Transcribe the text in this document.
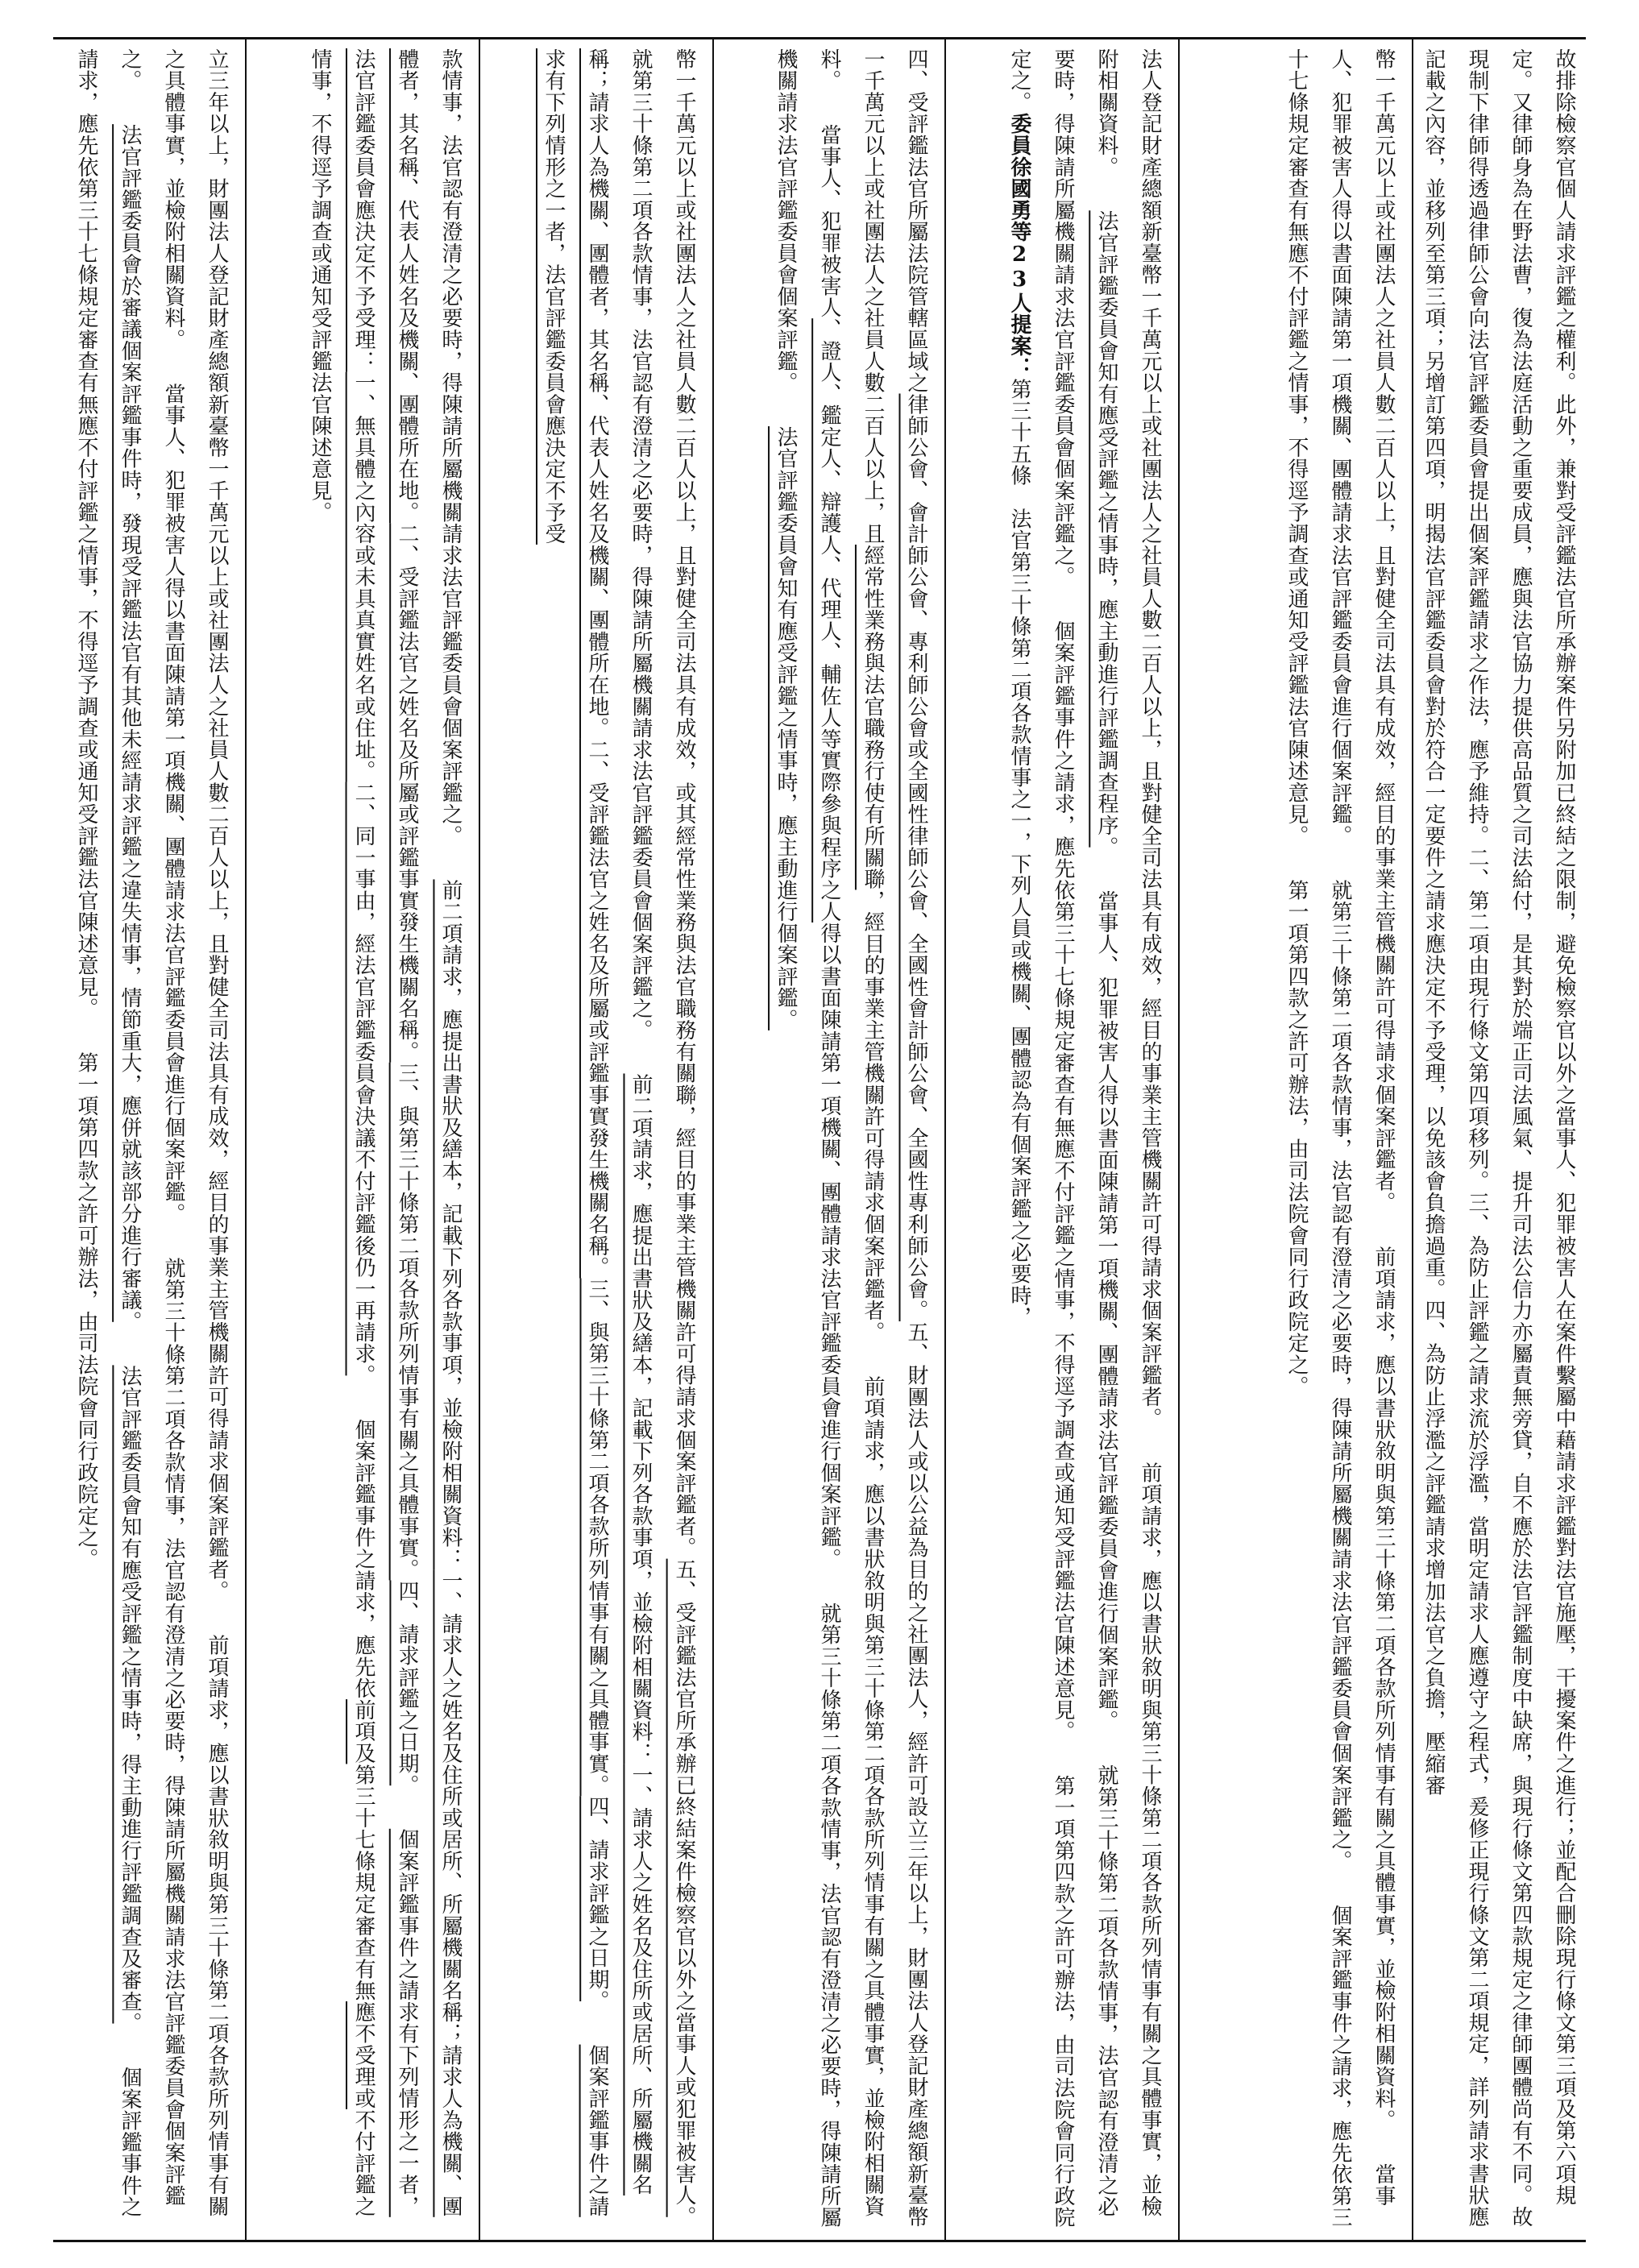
故排除檢察官個人請求評鑑之權利。此外，兼對受評鑑法官所承辦案件另附加已終結之限制，避免檢察官以外之當事人、犯罪被害人在案件繫屬中藉請求評鑑對法官施壓，干擾案件之進行；並配合刪除現行條文第三項及第六項規定。又律師身為在野法曹，復為法庭活動之重要成員，應與法官協力提供高品質之司法給付，是其對於端正司法風氣、提升司法公信力亦屬責無旁貸，自不應於法官評鑑制度中缺席，與現行條文第四款規定之律師團體尚有不同。故現制下律師得透過律師公會向法官評鑑委員會提出個案評鑑請求之作法，應予維持。二、第二項由現行條文第四項移列。三、為防止評鑑之請求流於浮濫，當明定請求人應遵守之程式，爰修正現行條文第二項規定，詳列請求書狀應記載之內容，並移列至第三項；另增訂第四項，明揭法官評鑑委員會對於符合一定要件之請求應決定不予受理，以免該會負擔過重。四、為防止浮濫之評鑑請求增加法官之負擔，壓縮審

幣一千萬元以上或社團法人之社員人數二百人以上，且對健全司法具有成效，經目的事業主管機關許可得請求個案評鑑者。　　前項請求，應以書狀敘明與第三十條第二項各款所列情事有關之具體事實，並檢附相關資料。　　當事人、犯罪被害人得以書面陳請第一項機關、團體請求法官評鑑委員會進行個案評鑑。　　就第三十條第二項各款情事，法官認有澄清之必要時，得陳請所屬機關請求法官評鑑委員會個案評鑑之。　　個案評鑑事件之請求，應先依第三十七條規定審查有無應不付評鑑之情事，不得逕予調查或通知受評鑑法官陳述意見。　　第一項第四款之許可辦法，由司法院會同行政院定之。

法人登記財產總額新臺幣一千萬元以上或社團法人之社員人數二百人以上，且對健全司法具有成效，經目的事業主管機關許可得請求個案評鑑者。　　前項請求，應以書狀敘明與第三十條第二項各款所列情事有關之具體事實，並檢附相關資料。　　法官評鑑委員會知有應受評鑑之情事時，應主動進行評鑑調查程序。　　當事人、犯罪被害人得以書面陳請第一項機關、團體請求法官評鑑委員會進行個案評鑑。　　就第三十條第二項各款情事，法官認有澄清之必要時，得陳請所屬機關請求法官評鑑委員會個案評鑑之。　　個案評鑑事件之請求，應先依第三十七條規定審查有無應不付評鑑之情事，不得逕予調查或通知受評鑑法官陳述意見。　　第一項第四款之許可辦法，由司法院會同行政院定之。委員徐國勇等23人提案：第三十五條　法官第三十條第二項各款情事之一，下列人員或機關、團體認為有個案評鑑之必要時，

四、受評鑑法官所屬法院管轄區域之律師公會、會計師公會、專利師公會或全國性律師公會、全國性會計師公會、全國性專利師公會。五、財團法人或以公益為目的之社團法人，經許可設立三年以上，財團法人登記財產總額新臺幣一千萬元以上或社團法人之社員人數二百人以上，且經常性業務與法官職務行使有所關聯，經目的事業主管機關許可得請求個案評鑑者。　　前項請求，應以書狀敘明與第三十條第二項各款所列情事有關之具體事實，並檢附相關資料。　　當事人、犯罪被害人、證人、鑑定人、辯護人、代理人、輔佐人等實際參與程序之人得以書面陳請第一項機關、團體請求法官評鑑委員會進行個案評鑑。　　就第三十條第二項各款情事，法官認有澄清之必要時，得陳請所屬機關請求法官評鑑委員會個案評鑑。　　法官評鑑委員會知有應受評鑑之情事時，應主動進行個案評鑑。

幣一千萬元以上或社團法人之社員人數二百人以上，且對健全司法具有成效，或其經常性業務與法官職務有關聯，經目的事業主管機關許可得請求個案評鑑者。五、受評鑑法官所承辦已終結案件檢察官以外之當事人或犯罪被害人。　　就第三十條第二項各款情事，法官認有澄清之必要時，得陳請所屬機關請求法官評鑑委員會個案評鑑之。　　前二項請求，應提出書狀及繕本，記載下列各款事項，並檢附相關資料：一、請求人之姓名及住所或居所、所屬機關名稱；請求人為機關、團體者，其名稱、代表人姓名及機關、團體所在地。二、受評鑑法官之姓名及所屬或評鑑事實發生機關名稱。三、與第三十條第二項各款所列情事有關之具體事實。四、請求評鑑之日期。　　個案評鑑事件之請求有下列情形之一者，法官評鑑委員會應決定不予受

款情事，法官認有澄清之必要時，得陳請所屬機關請求法官評鑑委員會個案評鑑之。　　前二項請求，應提出書狀及繕本，記載下列各款事項，並檢附相關資料：一、請求人之姓名及住所或居所、所屬機關名稱；請求人為機關、團體者，其名稱、代表人姓名及機關、團體所在地。二、受評鑑法官之姓名及所屬或評鑑事實發生機關名稱。三、與第三十條第二項各款所列情事有關之具體事實。四、請求評鑑之日期。　　個案評鑑事件之請求有下列情形之一者，法官評鑑委員會應決定不予受理：一、無具體之內容或未具真實姓名或住址。二、同一事由，經法官評鑑委員會決議不付評鑑後仍一再請求。　　個案評鑑事件之請求，應先依前項及第三十七條規定審查有無應不受理或不付評鑑之情事，不得逕予調查或通知受評鑑法官陳述意見。

立三年以上，財團法人登記財產總額新臺幣一千萬元以上或社團法人之社員人數二百人以上，且對健全司法具有成效，經目的事業主管機關許可得請求個案評鑑者。　　前項請求，應以書狀敘明與第三十條第二項各款所列情事有關之具體事實，並檢附相關資料。　　當事人、犯罪被害人得以書面陳請第一項機關、團體請求法官評鑑委員會進行個案評鑑。　　就第三十條第二項各款情事，法官認有澄清之必要時，得陳請所屬機關請求法官評鑑委員會個案評鑑之。　　法官評鑑委員會於審議個案評鑑事件時，發現受評鑑法官有其他未經請求評鑑之違失情事，情節重大，應併就該部分進行審議。　　法官評鑑委員會知有應受評鑑之情事時，得主動進行評鑑調查及審查。　　個案評鑑事件之請求，應先依第三十七條規定審查有無應不付評鑑之情事，不得逕予調查或通知受評鑑法官陳述意見。　　第一項第四款之許可辦法，由司法院會同行政院定之。
